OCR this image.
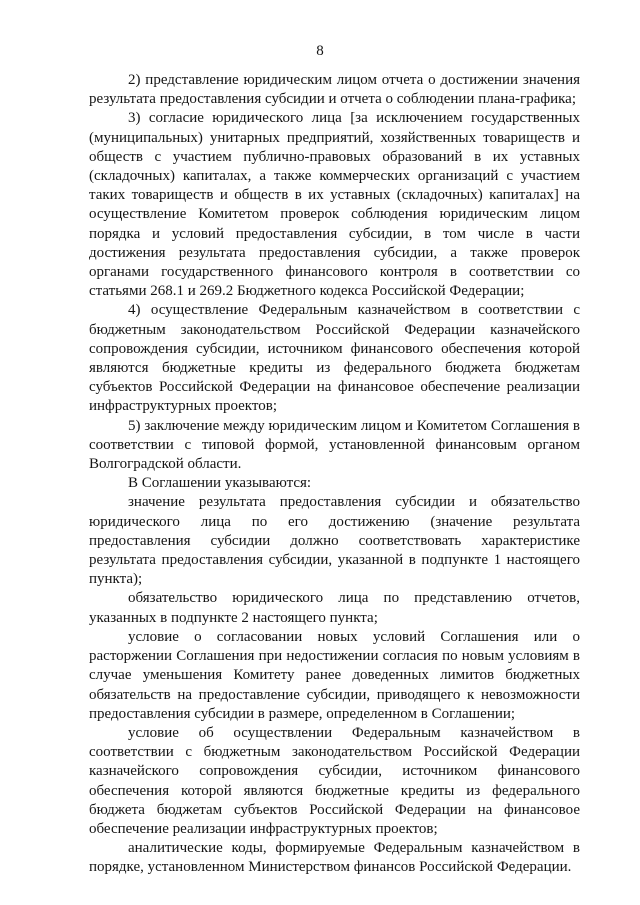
8

2) представление юридическим лицом отчета о достижении значения результата предоставления субсидии и отчета о соблюдении плана-графика;

3) согласие юридического лица [за исключением государственных (муниципальных) унитарных предприятий, хозяйственных товариществ и обществ с участием публично-правовых образований в их уставных (складочных) капиталах, а также коммерческих организаций с участием таких товариществ и обществ в их уставных (складочных) капиталах] на осуществление Комитетом проверок соблюдения юридическим лицом порядка и условий предоставления субсидии, в том числе в части достижения результата предоставления субсидии, а также проверок органами государственного финансового контроля в соответствии со статьями 268.1 и 269.2 Бюджетного кодекса Российской Федерации;

4) осуществление Федеральным казначейством в соответствии с бюджетным законодательством Российской Федерации казначейского сопровождения субсидии, источником финансового обеспечения которой являются бюджетные кредиты из федерального бюджета бюджетам субъектов Российской Федерации на финансовое обеспечение реализации инфраструктурных проектов;

5) заключение между юридическим лицом и Комитетом Соглашения в соответствии с типовой формой, установленной финансовым органом Волгоградской области.

В Соглашении указываются:

значение результата предоставления субсидии и обязательство юридического лица по его достижению (значение результата предоставления субсидии должно соответствовать характеристике результата предоставления субсидии, указанной в подпункте 1 настоящего пункта);

обязательство юридического лица по представлению отчетов, указанных в подпункте 2 настоящего пункта;

условие о согласовании новых условий Соглашения или о расторжении Соглашения при недостижении согласия по новым условиям в случае уменьшения Комитету ранее доведенных лимитов бюджетных обязательств на предоставление субсидии, приводящего к невозможности предоставления субсидии в размере, определенном в Соглашении;

условие об осуществлении Федеральным казначейством в соответствии с бюджетным законодательством Российской Федерации казначейского сопровождения субсидии, источником финансового обеспечения которой являются бюджетные кредиты из федерального бюджета бюджетам субъектов Российской Федерации на финансовое обеспечение реализации инфраструктурных проектов;

аналитические коды, формируемые Федеральным казначейством в порядке, установленном Министерством финансов Российской Федерации.
